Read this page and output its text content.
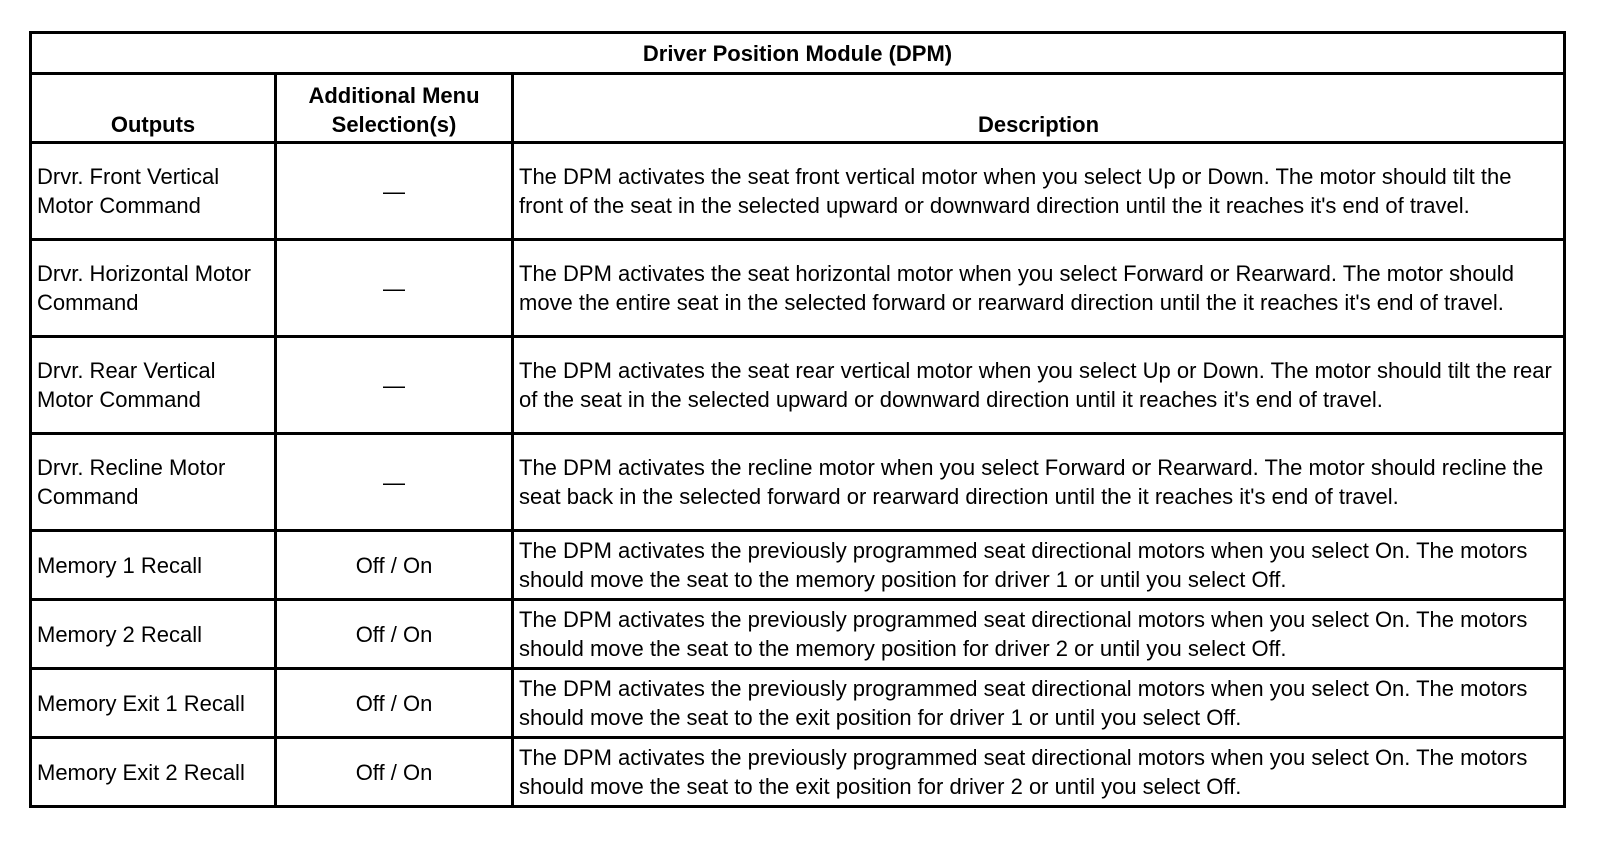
Driver Position Module (DPM)		
Outputs	Additional Menu Selection(s)	Description
Drvr. Front Vertical Motor Command	—	The DPM activates the seat front vertical motor when you select Up or Down. The motor should tilt the front of the seat in the selected upward or downward direction until the it reaches it's end of travel.
Drvr. Horizontal Motor Command	—	The DPM activates the seat horizontal motor when you select Forward or Rearward. The motor should move the entire seat in the selected forward or rearward direction until the it reaches it's end of travel.
Drvr. Rear Vertical Motor Command	—	The DPM activates the seat rear vertical motor when you select Up or Down. The motor should tilt the rear of the seat in the selected upward or downward direction until it reaches it's end of travel.
Drvr. Recline Motor Command	—	The DPM activates the recline motor when you select Forward or Rearward. The motor should recline the seat back in the selected forward or rearward direction until the it reaches it's end of travel.
Memory 1 Recall	Off / On	The DPM activates the previously programmed seat directional motors when you select On. The motors should move the seat to the memory position for driver 1 or until you select Off.
Memory 2 Recall	Off / On	The DPM activates the previously programmed seat directional motors when you select On. The motors should move the seat to the memory position for driver 2 or until you select Off.
Memory Exit 1 Recall	Off / On	The DPM activates the previously programmed seat directional motors when you select On. The motors should move the seat to the exit position for driver 1 or until you select Off.
Memory Exit 2 Recall	Off / On	The DPM activates the previously programmed seat directional motors when you select On. The motors should move the seat to the exit position for driver 2 or until you select Off.
